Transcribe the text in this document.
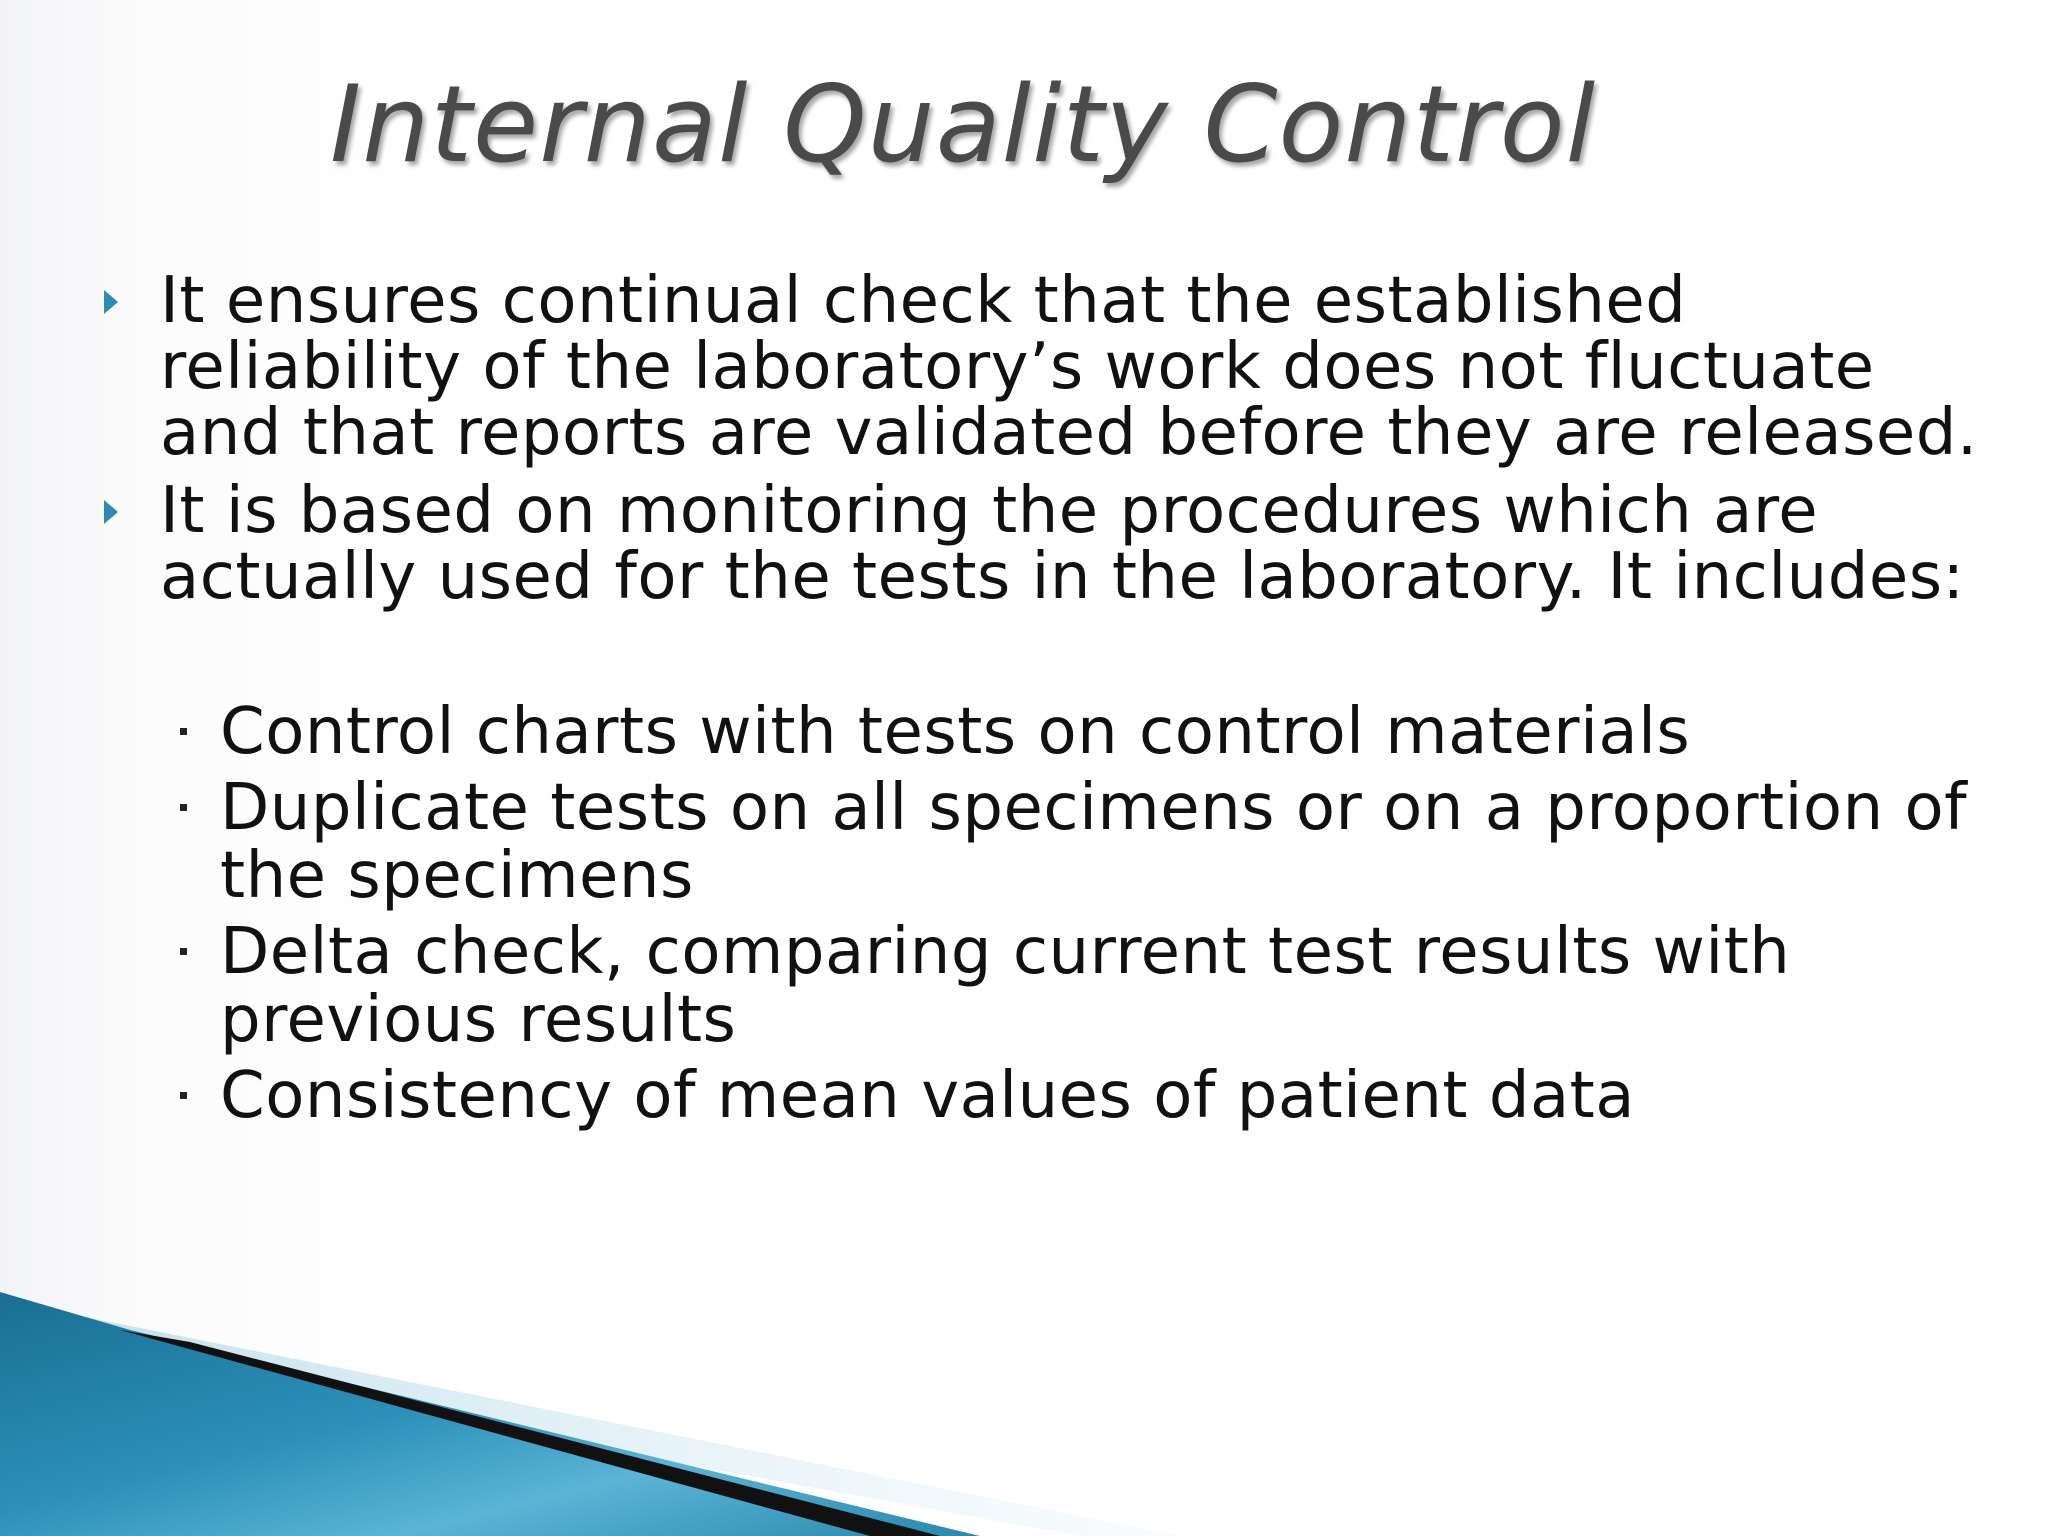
Internal Quality Control
It ensures continual check that the established
reliability of the laboratory’s work does not fluctuate
and that reports are validated before they are released.
It is based on monitoring the procedures which are
actually used for the tests in the laboratory. It includes:
Control charts with tests on control materials
Duplicate tests on all specimens or on a proportion of
the specimens
Delta check, comparing current test results with
previous results
Consistency of mean values of patient data
